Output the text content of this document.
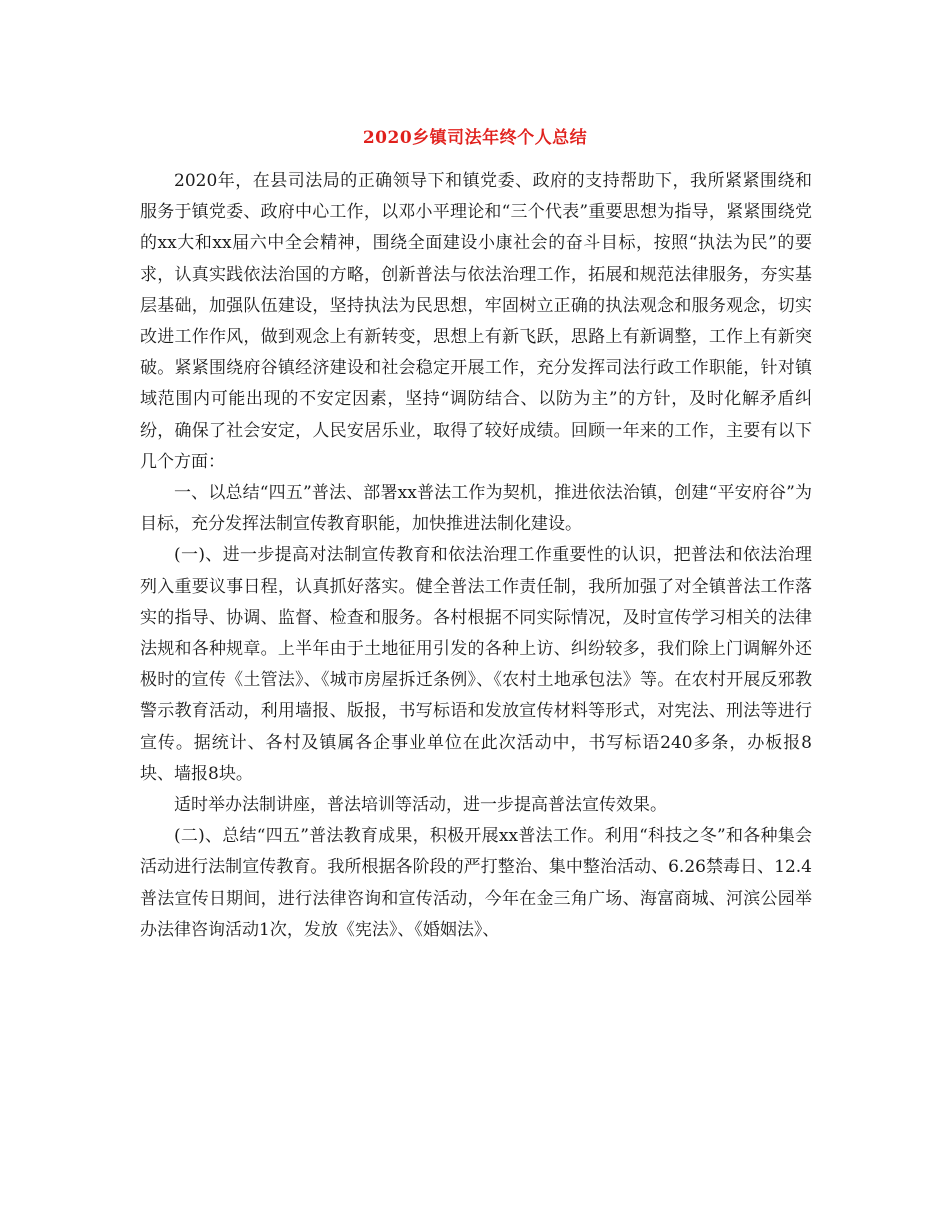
2020乡镇司法年终个人总结

2020年，在县司法局的正确领导下和镇党委、政府的支持帮助下，我所紧紧围绕和服务于镇党委、政府中心工作，以邓小平理论和“三个代表”重要思想为指导，紧紧围绕党的xx大和xx届六中全会精神，围绕全面建设小康社会的奋斗目标，按照“执法为民”的要求，认真实践依法治国的方略，创新普法与依法治理工作，拓展和规范法律服务，夯实基层基础，加强队伍建设，坚持执法为民思想，牢固树立正确的执法观念和服务观念，切实改进工作作风，做到观念上有新转变，思想上有新飞跃，思路上有新调整，工作上有新突破。紧紧围绕府谷镇经济建设和社会稳定开展工作，充分发挥司法行政工作职能，针对镇域范围内可能出现的不安定因素，坚持“调防结合、以防为主”的方针，及时化解矛盾纠纷，确保了社会安定，人民安居乐业，取得了较好成绩。回顾一年来的工作，主要有以下几个方面：

一、以总结“四五”普法、部署xx普法工作为契机，推进依法治镇，创建“平安府谷”为目标，充分发挥法制宣传教育职能，加快推进法制化建设。

(一)、进一步提高对法制宣传教育和依法治理工作重要性的认识，把普法和依法治理列入重要议事日程，认真抓好落实。健全普法工作责任制，我所加强了对全镇普法工作落实的指导、协调、监督、检查和服务。各村根据不同实际情况，及时宣传学习相关的法律法规和各种规章。上半年由于土地征用引发的各种上访、纠纷较多，我们除上门调解外还极时的宣传《土管法》、《城市房屋拆迁条例》、《农村土地承包法》等。在农村开展反邪教警示教育活动，利用墙报、版报，书写标语和发放宣传材料等形式，对宪法、刑法等进行宣传。据统计、各村及镇属各企事业单位在此次活动中，书写标语240多条，办板报8块、墙报8块。

适时举办法制讲座，普法培训等活动，进一步提高普法宣传效果。

(二)、总结“四五”普法教育成果，积极开展xx普法工作。利用“科技之冬”和各种集会活动进行法制宣传教育。我所根据各阶段的严打整治、集中整治活动、6.26禁毒日、12.4普法宣传日期间，进行法律咨询和宣传活动，今年在金三角广场、海富商城、河滨公园举办法律咨询活动1次，发放《宪法》、《婚姻法》、
